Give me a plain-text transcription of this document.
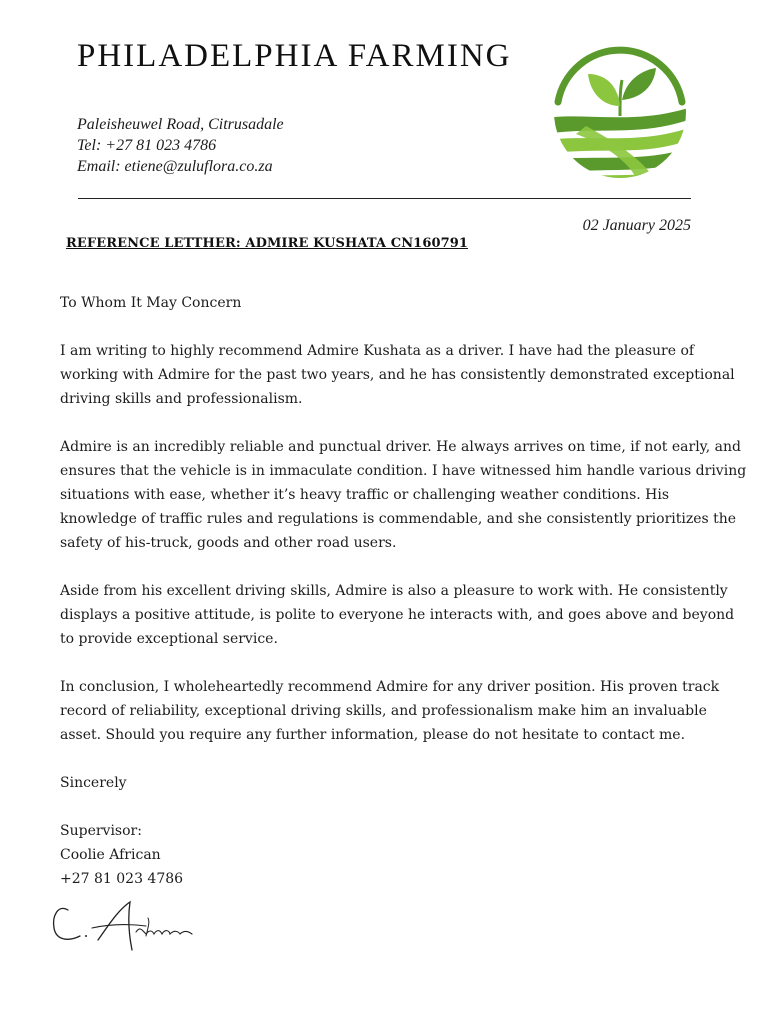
PHILADELPHIA FARMING
Paleisheuwel Road, Citrusadale
Tel: +27 81 023 4786
Email: etiene@zuluflora.co.za
02 January 2025
REFERENCE LETTHER: ADMIRE KUSHATA CN160791

To Whom It May Concern

I am writing to highly recommend Admire Kushata as a driver. I have had the pleasure of working with Admire for the past two years, and he has consistently demonstrated exceptional driving skills and professionalism.

Admire is an incredibly reliable and punctual driver. He always arrives on time, if not early, and ensures that the vehicle is in immaculate condition. I have witnessed him handle various driving situations with ease, whether it’s heavy traffic or challenging weather conditions. His knowledge of traffic rules and regulations is commendable, and she consistently prioritizes the safety of his-truck, goods and other road users.

Aside from his excellent driving skills, Admire is also a pleasure to work with. He consistently displays a positive attitude, is polite to everyone he interacts with, and goes above and beyond to provide exceptional service.

In conclusion, I wholeheartedly recommend Admire for any driver position. His proven track record of reliability, exceptional driving skills, and professionalism make him an invaluable asset. Should you require any further information, please do not hesitate to contact me.

Sincerely

Supervisor:

Coolie African

+27 81 023 4786
